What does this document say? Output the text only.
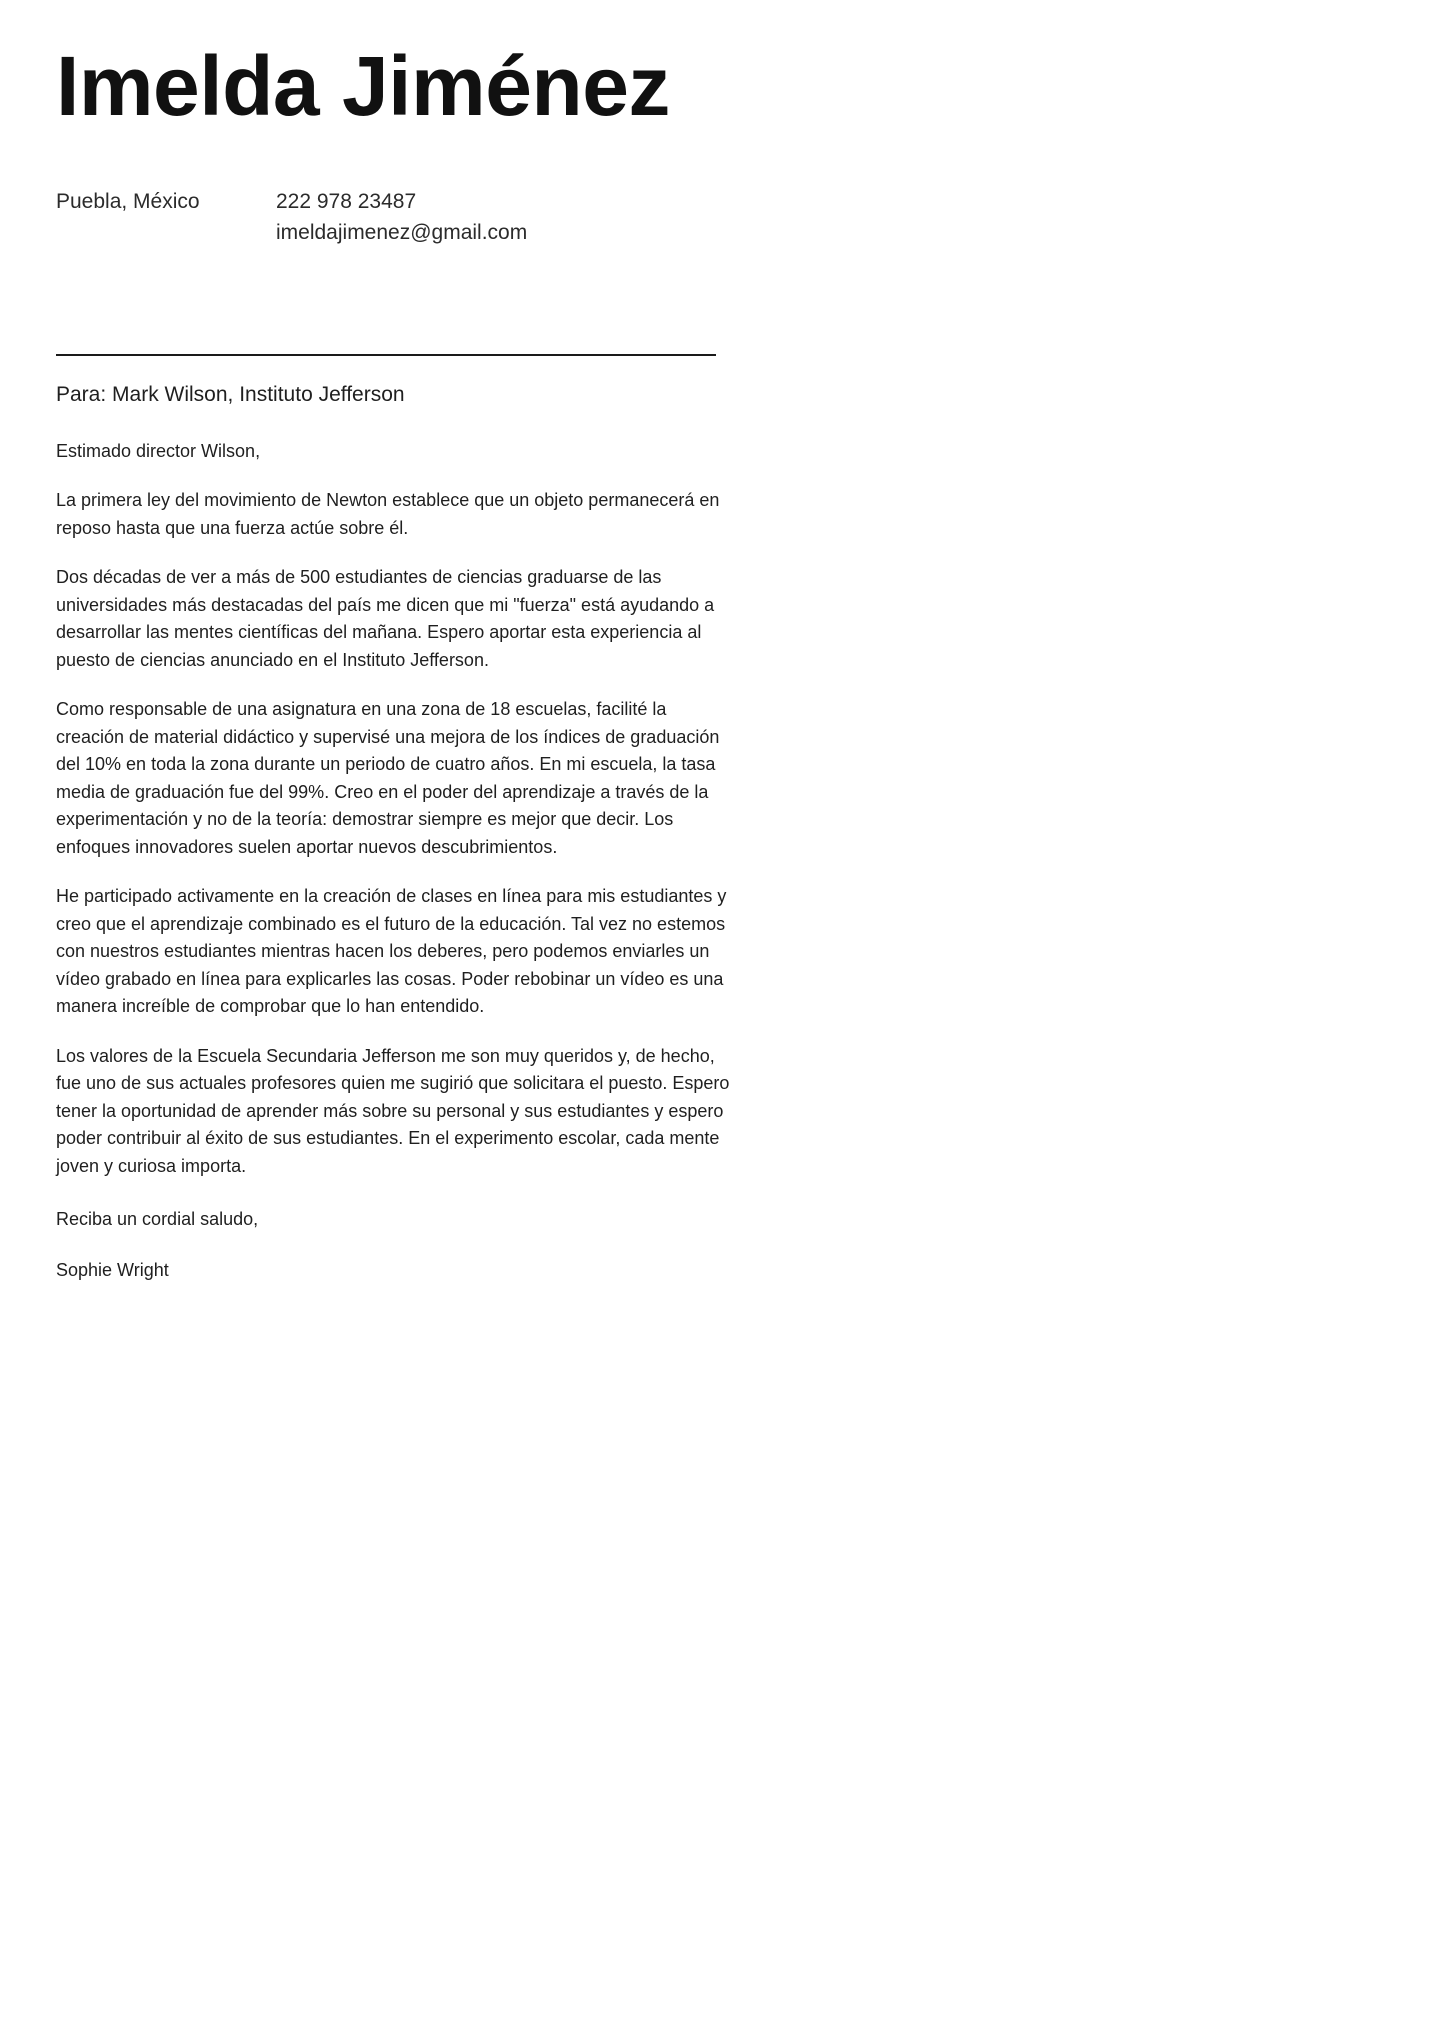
Imelda Jiménez
Puebla, México	222 978 23487
imeldajimenez@gmail.com

Para: Mark Wilson, Instituto Jefferson

Estimado director Wilson,

La primera ley del movimiento de Newton establece que un objeto permanecerá en reposo hasta que una fuerza actúe sobre él.

Dos décadas de ver a más de 500 estudiantes de ciencias graduarse de las universidades más destacadas del país me dicen que mi "fuerza" está ayudando a desarrollar las mentes científicas del mañana. Espero aportar esta experiencia al puesto de ciencias anunciado en el Instituto Jefferson.

Como responsable de una asignatura en una zona de 18 escuelas, facilité la creación de material didáctico y supervisé una mejora de los índices de graduación del 10% en toda la zona durante un periodo de cuatro años. En mi escuela, la tasa media de graduación fue del 99%. Creo en el poder del aprendizaje a través de la experimentación y no de la teoría: demostrar siempre es mejor que decir. Los enfoques innovadores suelen aportar nuevos descubrimientos.

He participado activamente en la creación de clases en línea para mis estudiantes y creo que el aprendizaje combinado es el futuro de la educación. Tal vez no estemos con nuestros estudiantes mientras hacen los deberes, pero podemos enviarles un vídeo grabado en línea para explicarles las cosas. Poder rebobinar un vídeo es una manera increíble de comprobar que lo han entendido.

Los valores de la Escuela Secundaria Jefferson me son muy queridos y, de hecho, fue uno de sus actuales profesores quien me sugirió que solicitara el puesto. Espero tener la oportunidad de aprender más sobre su personal y sus estudiantes y espero poder contribuir al éxito de sus estudiantes. En el experimento escolar, cada mente joven y curiosa importa.

Reciba un cordial saludo,

Sophie Wright
